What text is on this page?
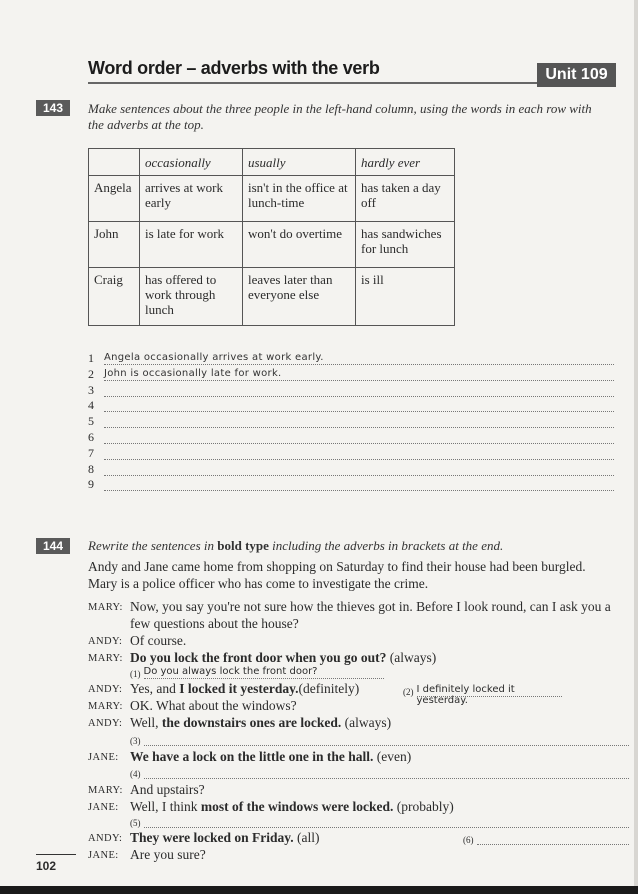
Word order – adverbs with the verb	Unit 109
143	Make sentences about the three people in the left-hand column, using the words in each row with the adverbs at the top.
	occasionally	usually	hardly ever
Angela	arrives at work early	isn't in the office at lunch-time	has taken a day off
John	is late for work	won't do overtime	has sandwiches for lunch
Craig	has offered to work through lunch	leaves later than everyone else	is ill
1	Angela occasionally arrives at work early.
2	John is occasionally late for work.
3
4
5
6
7
8
9
144	Rewrite the sentences in bold type including the adverbs in brackets at the end.
Andy and Jane came home from shopping on Saturday to find their house had been burgled. Mary is a police officer who has come to investigate the crime.
MARY: Now, you say you're not sure how the thieves got in. Before I look round, can I ask you a few questions about the house?
ANDY: Of course.
MARY: Do you lock the front door when you go out? (always)
ANDY: Yes, and I locked it yesterday.(definitely)
MARY: OK. What about the windows?
ANDY: Well, the downstairs ones are locked. (always)
JANE: We have a lock on the little one in the hall. (even)
MARY: And upstairs?
JANE: Well, I think most of the windows were locked. (probably)
ANDY: They were locked on Friday. (all)
JANE: Are you sure?
(1) Do you always lock the front door?
(2) I definitely locked it yesterday.
(3)
(4)
(5)
(6)
102
